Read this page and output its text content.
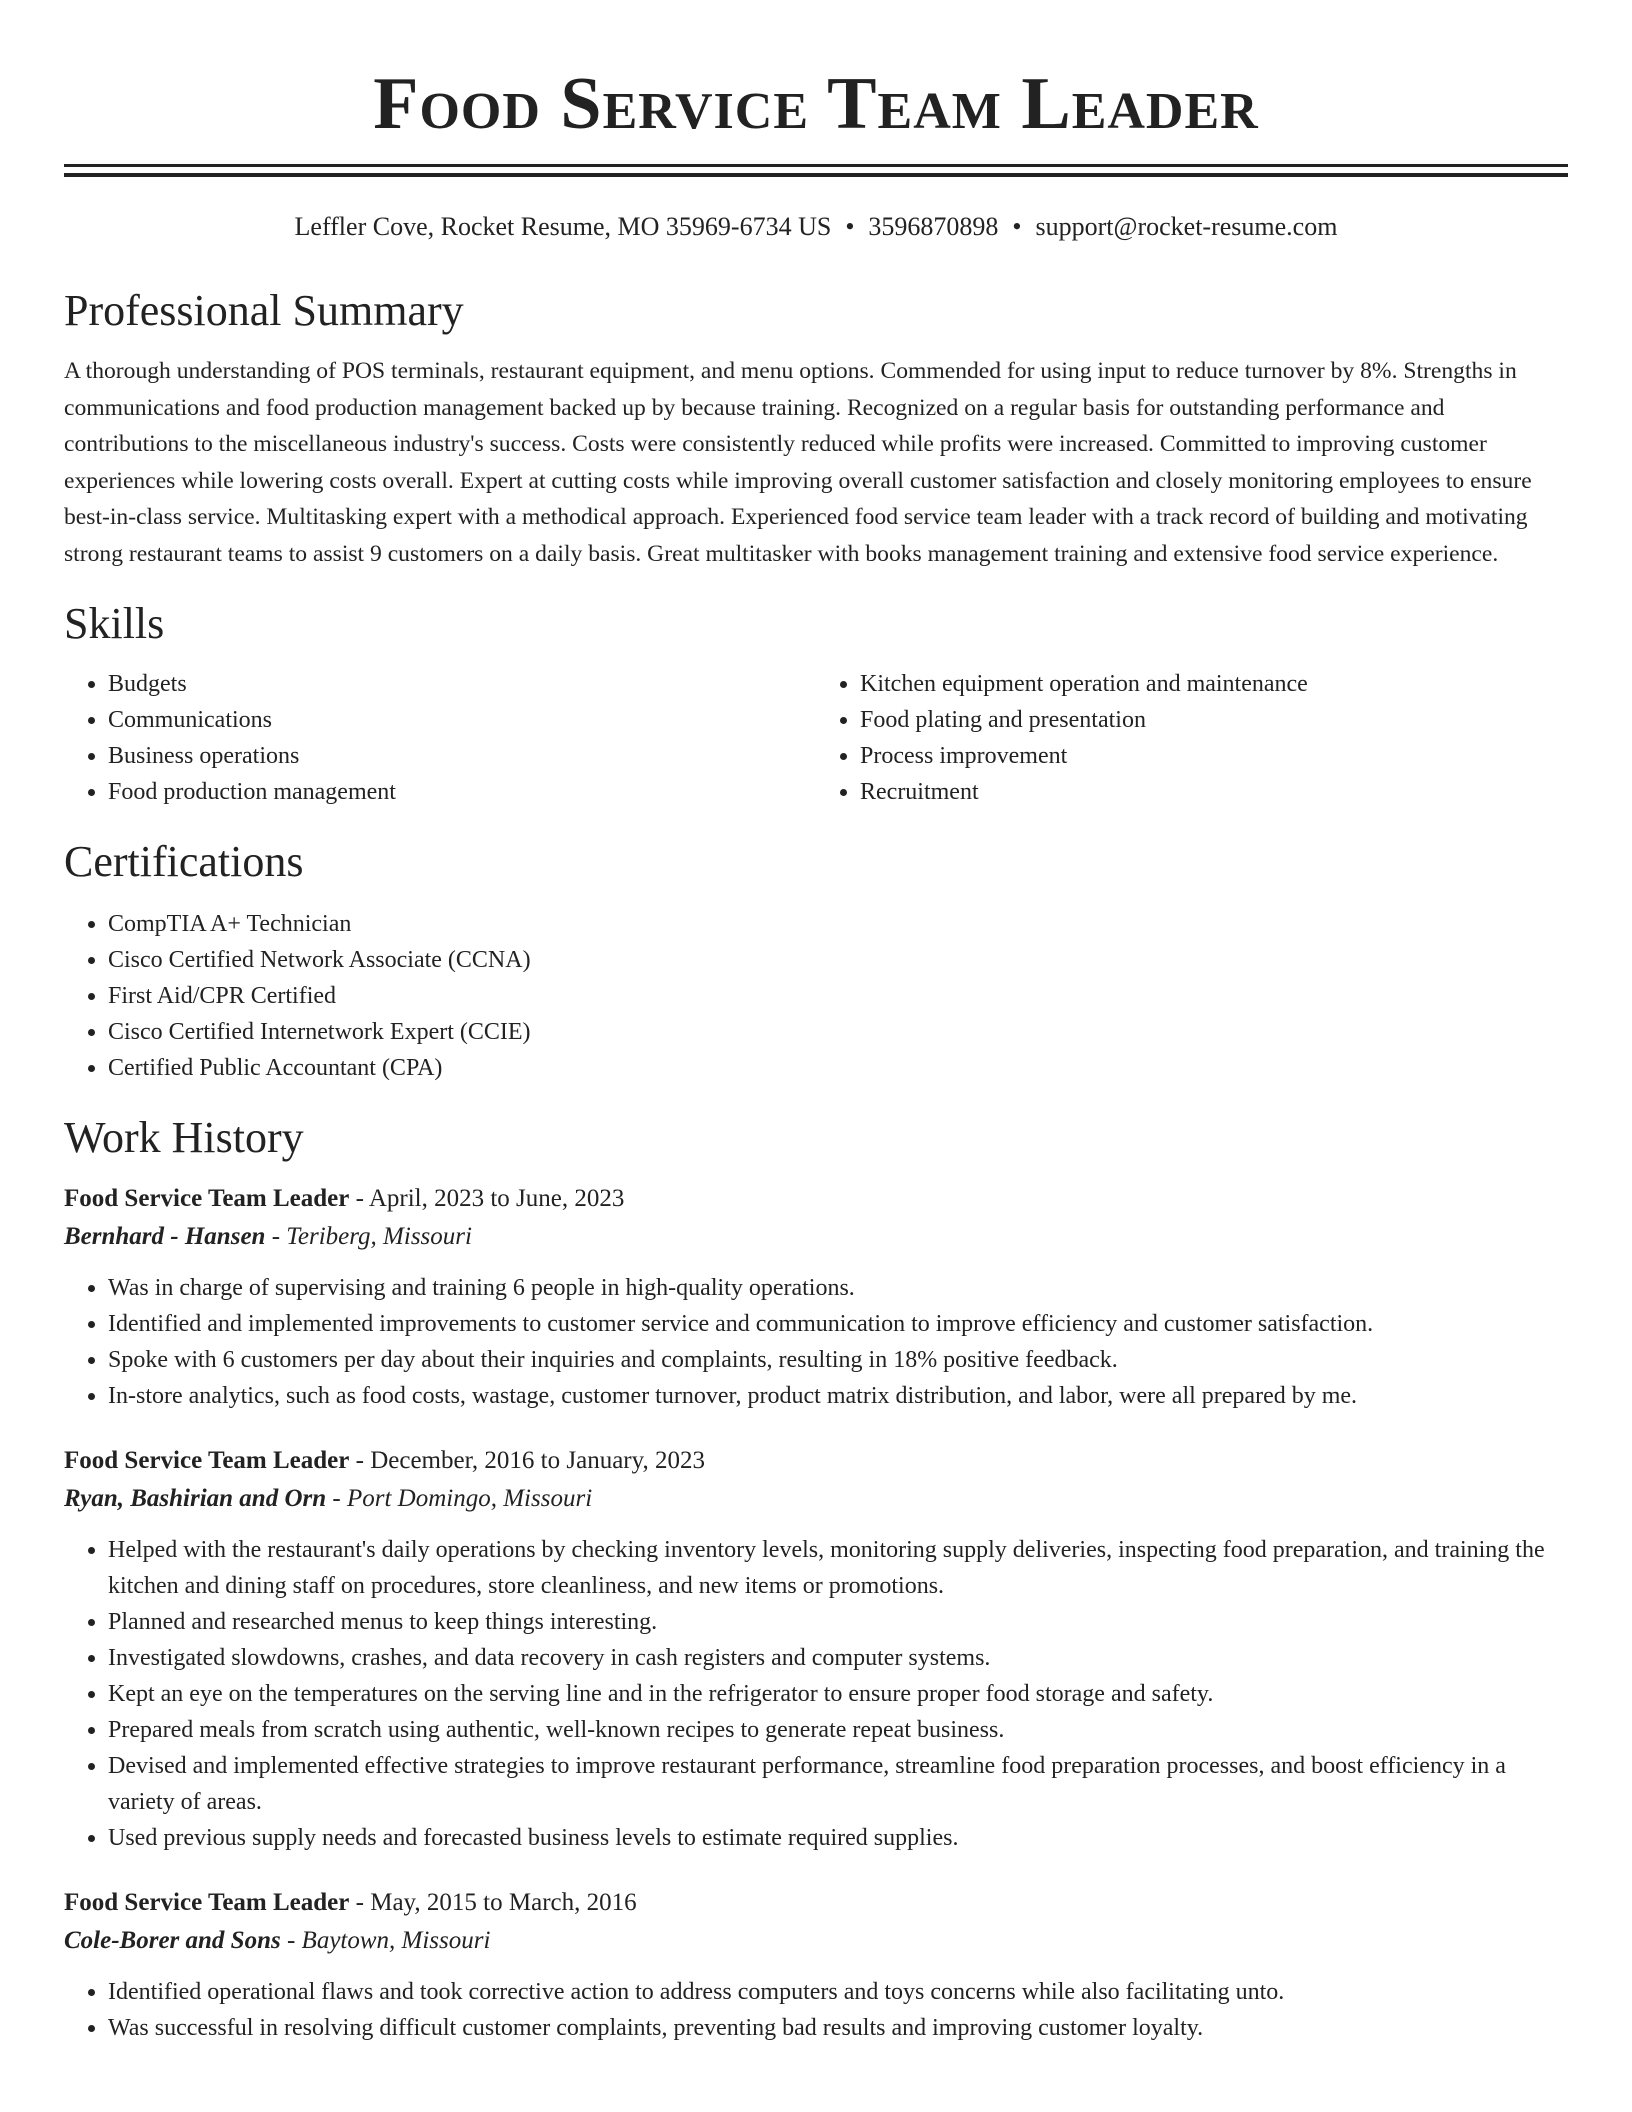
Food Service Team Leader
Leffler Cove, Rocket Resume, MO 35969-6734 US • 3596870898 • support@rocket-resume.com
Professional Summary
A thorough understanding of POS terminals, restaurant equipment, and menu options. Commended for using input to reduce turnover by 8%. Strengths in communications and food production management backed up by because training. Recognized on a regular basis for outstanding performance and contributions to the miscellaneous industry's success. Costs were consistently reduced while profits were increased. Committed to improving customer experiences while lowering costs overall. Expert at cutting costs while improving overall customer satisfaction and closely monitoring employees to ensure best-in-class service. Multitasking expert with a methodical approach. Experienced food service team leader with a track record of building and motivating strong restaurant teams to assist 9 customers on a daily basis. Great multitasker with books management training and extensive food service experience.
Skills
• Budgets
• Communications
• Business operations
• Food production management
• Kitchen equipment operation and maintenance
• Food plating and presentation
• Process improvement
• Recruitment
Certifications
• CompTIA A+ Technician
• Cisco Certified Network Associate (CCNA)
• First Aid/CPR Certified
• Cisco Certified Internetwork Expert (CCIE)
• Certified Public Accountant (CPA)
Work History
Food Service Team Leader - April, 2023 to June, 2023
Bernhard - Hansen - Teriberg, Missouri
• Was in charge of supervising and training 6 people in high-quality operations.
• Identified and implemented improvements to customer service and communication to improve efficiency and customer satisfaction.
• Spoke with 6 customers per day about their inquiries and complaints, resulting in 18% positive feedback.
• In-store analytics, such as food costs, wastage, customer turnover, product matrix distribution, and labor, were all prepared by me.
Food Service Team Leader - December, 2016 to January, 2023
Ryan, Bashirian and Orn - Port Domingo, Missouri
• Helped with the restaurant's daily operations by checking inventory levels, monitoring supply deliveries, inspecting food preparation, and training the kitchen and dining staff on procedures, store cleanliness, and new items or promotions.
• Planned and researched menus to keep things interesting.
• Investigated slowdowns, crashes, and data recovery in cash registers and computer systems.
• Kept an eye on the temperatures on the serving line and in the refrigerator to ensure proper food storage and safety.
• Prepared meals from scratch using authentic, well-known recipes to generate repeat business.
• Devised and implemented effective strategies to improve restaurant performance, streamline food preparation processes, and boost efficiency in a variety of areas.
• Used previous supply needs and forecasted business levels to estimate required supplies.
Food Service Team Leader - May, 2015 to March, 2016
Cole-Borer and Sons - Baytown, Missouri
• Identified operational flaws and took corrective action to address computers and toys concerns while also facilitating unto.
• Was successful in resolving difficult customer complaints, preventing bad results and improving customer loyalty.
